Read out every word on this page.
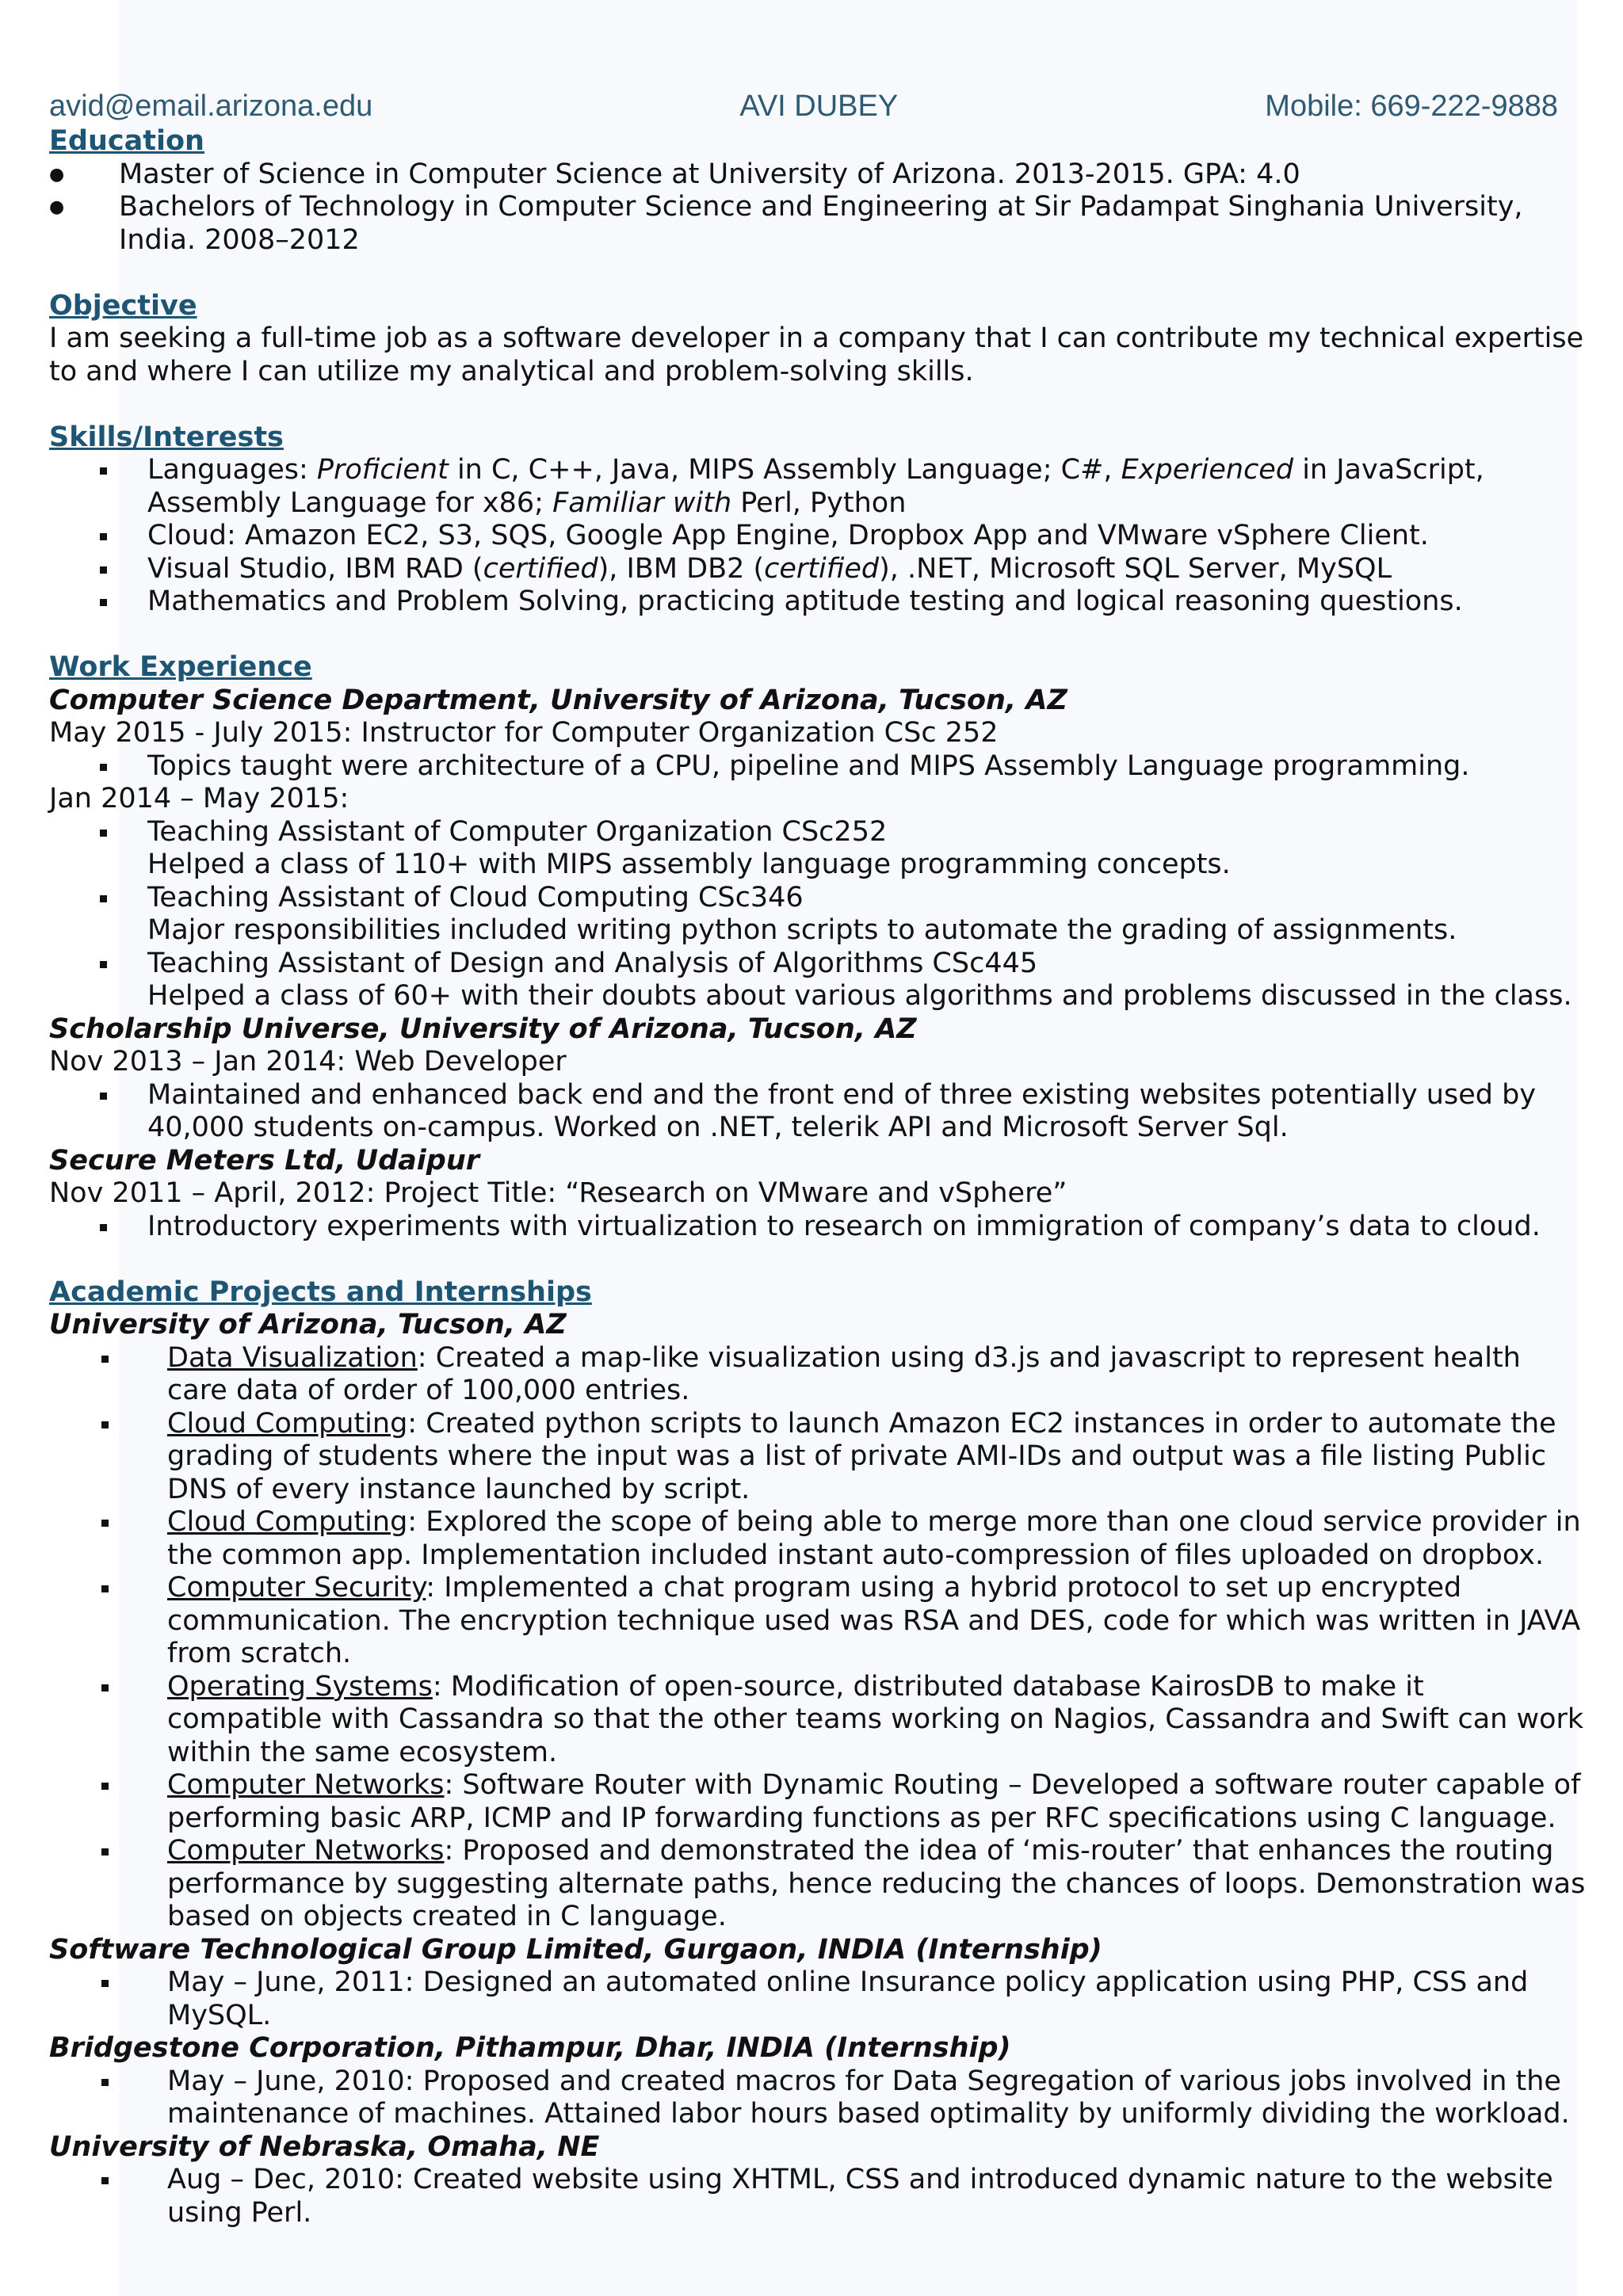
avid@email.arizona.edu	AVI DUBEY	Mobile: 669-222-9888
Education
● Master of Science in Computer Science at University of Arizona. 2013-2015. GPA: 4.0
● Bachelors of Technology in Computer Science and Engineering at Sir Padampat Singhania University, India. 2008–2012
Objective

I am seeking a full-time job as a software developer in a company that I can contribute my technical expertise to and where I can utilize my analytical and problem-solving skills.

Skills/Interests
Languages: Proficient in C, C++, Java, MIPS Assembly Language; C#, Experienced in JavaScript, Assembly Language for x86; Familiar with Perl, Python
Cloud: Amazon EC2, S3, SQS, Google App Engine, Dropbox App and VMware vSphere Client.
Visual Studio, IBM RAD (certified), IBM DB2 (certified), .NET, Microsoft SQL Server, MySQL
Mathematics and Problem Solving, practicing aptitude testing and logical reasoning questions.
Work Experience
Computer Science Department, University of Arizona, Tucson, AZ

May 2015 - July 2015: Instructor for Computer Organization CSc 252

Topics taught were architecture of a CPU, pipeline and MIPS Assembly Language programming.

Jan 2014 – May 2015:

Teaching Assistant of Computer Organization CSc252
Helped a class of 110+ with MIPS assembly language programming concepts.
Teaching Assistant of Cloud Computing CSc346
Major responsibilities included writing python scripts to automate the grading of assignments.
Teaching Assistant of Design and Analysis of Algorithms CSc445
Helped a class of 60+ with their doubts about various algorithms and problems discussed in the class.
Scholarship Universe, University of Arizona, Tucson, AZ

Nov 2013 – Jan 2014: Web Developer

Maintained and enhanced back end and the front end of three existing websites potentially used by 40,000 students on-campus. Worked on .NET, telerik API and Microsoft Server Sql.
Secure Meters Ltd, Udaipur

Nov 2011 – April, 2012: Project Title: “Research on VMware and vSphere”

Introductory experiments with virtualization to research on immigration of company’s data to cloud.
Academic Projects and Internships
University of Arizona, Tucson, AZ
Data Visualization: Created a map-like visualization using d3.js and javascript to represent health care data of order of 100,000 entries.
Cloud Computing: Created python scripts to launch Amazon EC2 instances in order to automate the grading of students where the input was a list of private AMI-IDs and output was a file listing Public DNS of every instance launched by script.
Cloud Computing: Explored the scope of being able to merge more than one cloud service provider in the common app. Implementation included instant auto-compression of files uploaded on dropbox.
Computer Security: Implemented a chat program using a hybrid protocol to set up encrypted communication. The encryption technique used was RSA and DES, code for which was written in JAVA from scratch.
Operating Systems: Modification of open-source, distributed database KairosDB to make it compatible with Cassandra so that the other teams working on Nagios, Cassandra and Swift can work within the same ecosystem.
Computer Networks: Software Router with Dynamic Routing – Developed a software router capable of performing basic ARP, ICMP and IP forwarding functions as per RFC specifications using C language.
Computer Networks: Proposed and demonstrated the idea of ‘mis-router’ that enhances the routing performance by suggesting alternate paths, hence reducing the chances of loops. Demonstration was based on objects created in C language.
Software Technological Group Limited, Gurgaon, INDIA (Internship)
May – June, 2011: Designed an automated online Insurance policy application using PHP, CSS and MySQL.
Bridgestone Corporation, Pithampur, Dhar, INDIA (Internship)
May – June, 2010: Proposed and created macros for Data Segregation of various jobs involved in the maintenance of machines. Attained labor hours based optimality by uniformly dividing the workload.
University of Nebraska, Omaha, NE
Aug – Dec, 2010: Created website using XHTML, CSS and introduced dynamic nature to the website using Perl.
